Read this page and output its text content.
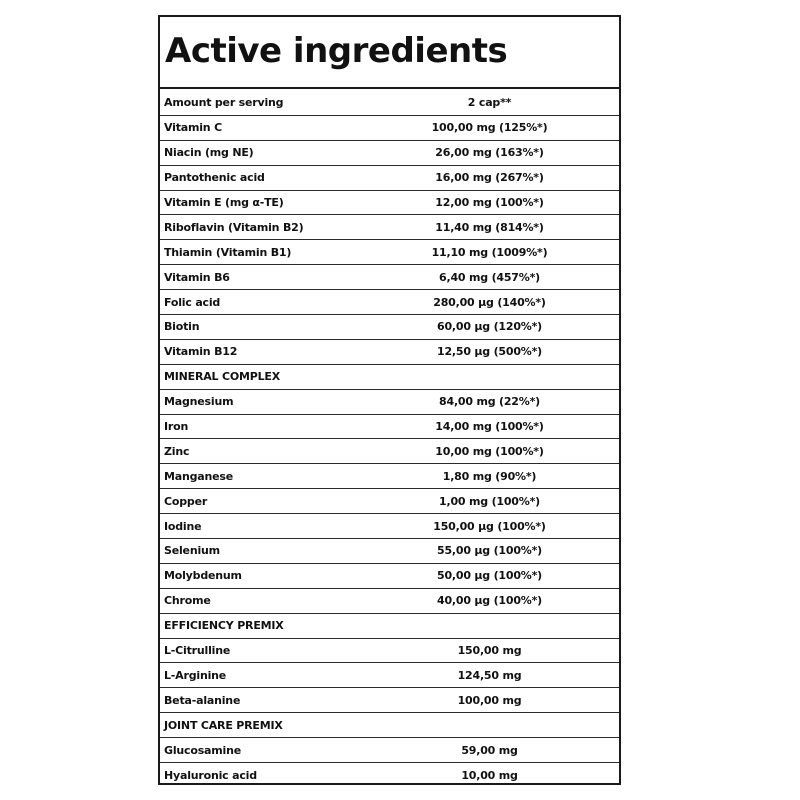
Active ingredients
Amount per serving	2 cap**
Vitamin C	100,00 mg (125%*)
Niacin (mg NE)	26,00 mg (163%*)
Pantothenic acid	16,00 mg (267%*)
Vitamin E (mg α-TE)	12,00 mg (100%*)
Riboflavin (Vitamin B2)	11,40 mg (814%*)
Thiamin (Vitamin B1)	11,10 mg (1009%*)
Vitamin B6	6,40 mg (457%*)
Folic acid	280,00 µg (140%*)
Biotin	60,00 µg (120%*)
Vitamin B12	12,50 µg (500%*)
MINERAL COMPLEX
Magnesium	84,00 mg (22%*)
Iron	14,00 mg (100%*)
Zinc	10,00 mg (100%*)
Manganese	1,80 mg (90%*)
Copper	1,00 mg (100%*)
Iodine	150,00 µg (100%*)
Selenium	55,00 µg (100%*)
Molybdenum	50,00 µg (100%*)
Chrome	40,00 µg (100%*)
EFFICIENCY PREMIX
L-Citrulline	150,00 mg
L-Arginine	124,50 mg
Beta-alanine	100,00 mg
JOINT CARE PREMIX
Glucosamine	59,00 mg
Hyaluronic acid	10,00 mg
